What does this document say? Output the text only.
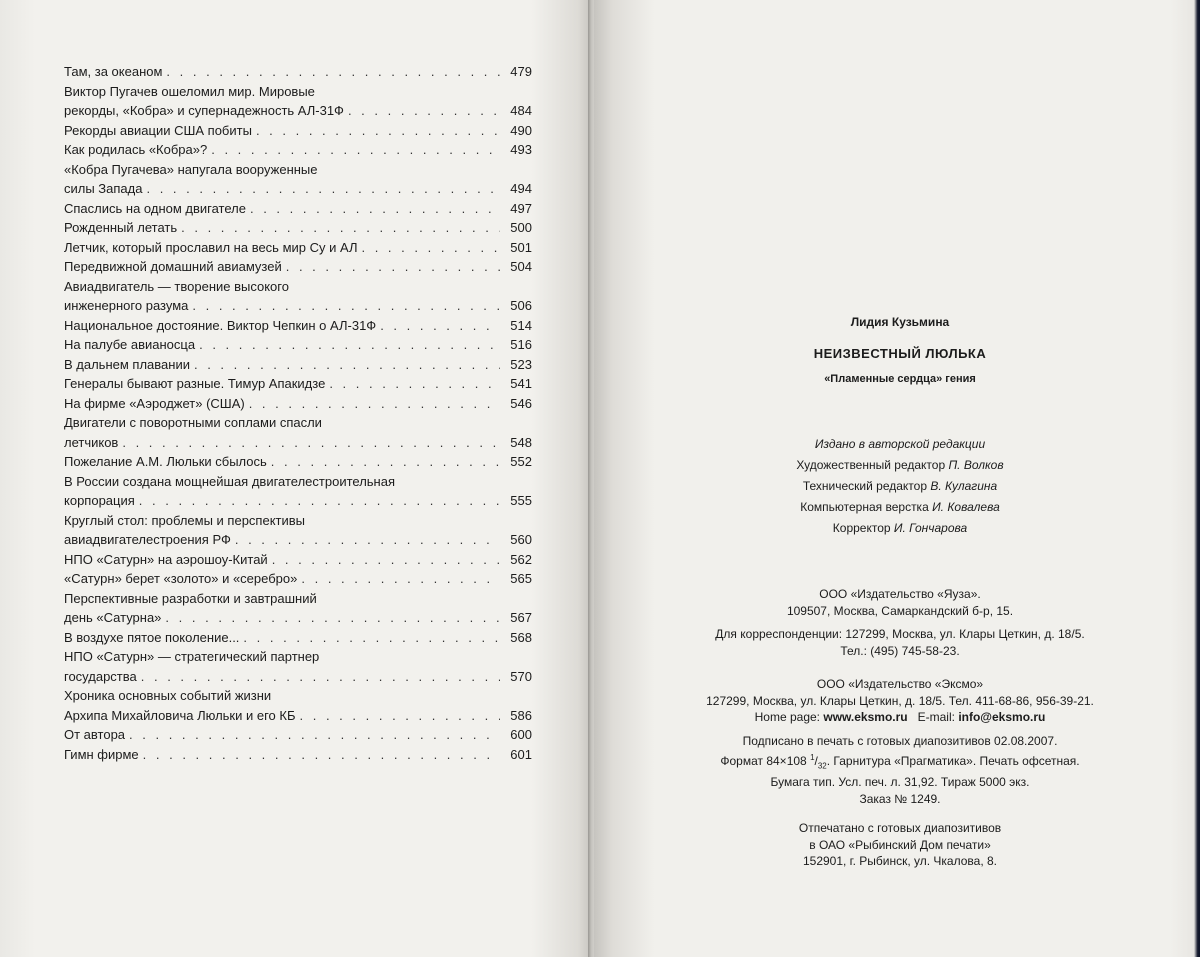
Там, за океаном . . .	479
Виктор Пугачев ошеломил мир. Мировые
рекорды, «Кобра» и супернадежность АЛ-31Ф . . .	484
Рекорды авиации США побиты . . .	490
Как родилась «Кобра»? . . .	493
«Кобра Пугачева» напугала вооруженные
силы Запада . . .	494
Спаслись на одном двигателе . . .	497
Рожденный летать . . .	500
Летчик, который прославил на весь мир Су и АЛ . . .	501
Передвижной домашний авиамузей . . .	504
Авиадвигатель — творение высокого
инженерного разума . . .	506
Национальное достояние. Виктор Чепкин о АЛ-31Ф . . .	514
На палубе авианосца . . .	516
В дальнем плавании . . .	523
Генералы бывают разные. Тимур Апакидзе . . .	541
На фирме «Аэроджет» (США) . . .	546
Двигатели с поворотными соплами спасли
летчиков . . .	548
Пожелание А.М. Люльки сбылось . . .	552
В России создана мощнейшая двигателестроительная
корпорация . . .	555
Круглый стол: проблемы и перспективы
авиадвигателестроения РФ . . .	560
НПО «Сатурн» на аэрошоу-Китай . . .	562
«Сатурн» берет «золото» и «серебро» . . .	565
Перспективные разработки и завтрашний
день «Сатурна» . . .	567
В воздухе пятое поколение... . . .	568
НПО «Сатурн» — стратегический партнер
государства . . .	570
Хроника основных событий жизни
Архипа Михайловича Люльки и его КБ . . .	586
От автора . . .	600
Гимн фирме . . .	601
Лидия Кузьмина
НЕИЗВЕСТНЫЙ ЛЮЛЬКА
«Пламенные сердца» гения
Издано в авторской редакции
Художественный редактор П. Волков
Технический редактор В. Кулагина
Компьютерная верстка И. Ковалева
Корректор И. Гончарова
ООО «Издательство «Яуза».
109507, Москва, Самаркандский б-р, 15.
Для корреспонденции: 127299, Москва, ул. Клары Цеткин, д. 18/5.
Тел.: (495) 745-58-23.
ООО «Издательство «Эксмо»
127299, Москва, ул. Клары Цеткин, д. 18/5. Тел. 411-68-86, 956-39-21.
Home page: www.eksmo.ru E-mail: info@eksmo.ru
Подписано в печать с готовых диапозитивов 02.08.2007.
Формат 84×108 $^1/_{32}$. Гарнитура «Прагматика». Печать офсетная.
Бумага тип. Усл. печ. л. 31,92. Тираж 5000 экз.
Заказ № 1249.
Отпечатано с готовых диапозитивов
в ОАО «Рыбинский Дом печати»
152901, г. Рыбинск, ул. Чкалова, 8.
